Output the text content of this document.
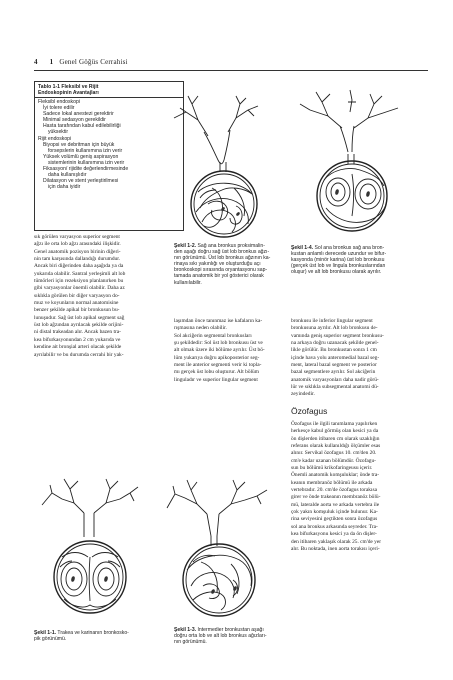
4 1 Genel Göğüs Cerrahisi
Tablo 1-1 Fleksibl ve Rijit
Endoskopinin Avantajları
Fleksibl endoskopi
İyi tolere edilir
Sadece lokal anestezi gerektirir
Minimal sedasyon gerekildir
Hasta tarafından kabul edilebilirliği
yüksektir
Rijit endoskopi
Biyopsi ve debritman için büyük
forsepslerin kullanımına izin verir
Yüksek volümlü geniş aspirasyon
sistemlerinin kullanımına izin verir
Fiksasyon/ rijidite değerlendirmesinde
daha kullanışlıdır
Dilatasyon ve stent yerleştirilmesi
için daha iyidir
sık görülen varyasyon superior segment
ağzı ile orta lob ağzı arasındaki ilişkidir.
Genel anatomik pozisyon birinin diğeri-
nin tam karşısında dallandığı durumdur.
Ancak biri diğerinden daha aşağıda ya da
yukarıda olabilir. Santral yerleşimli alt lob
tümörleri için rezeksiyon planlanırken bu
gibi varyasyonlar önemli olabilir. Daha az
sıklıkla görülen bir diğer varyasyon do-
muz ve koyunların normal anatomisine
benzer şekilde apikal bir bronkusun bu-
lunuşudur. Sağ üst lob apikal segment sağ
üst lob ağzından ayrılacak şekilde orijini-
ni distal trakeadan alır. Ancak bazen tra-
kea bifurkasyonundan 2 cm yukarıda ve
kendine ait bronşial arteri olacak şekilde
ayrılabilir ve bu durumda cerrahi bir yak-
laşımdan önce tanınmaz ise kafaların ka-
rışmasına neden olabilir.
Sol akciğerin segmental bronkusları
şu şekildedir: Sol üst lob bronkusu üst ve
alt olmak üzere iki bölüme ayrılır. Üst bö-
lüm yukarıya doğru apikoposterior seg-
ment ile anterior segmenti verir ki topla-
mı gerçek üst lobu oluşturur. Alt bölüm
linguladır ve superior lingular segment
bronkusu ile inferior lingular segment
bronkusuna ayrılır. Alt lob bronkusu de-
vamında geniş superior segment bronkusu-
na arkaya doğru uzanacak şekilde genel-
likle görülür. Bu bronkustan sonra 1 cm
içinde hava yolu anteromedial bazal seg-
ment, lateral bazal segment ve posterior
bazal segmentlere ayrılır. Sol akciğerin
anatomik varyasyonları daha nadir görü-
lür ve sıklıkla subsegmental anatomi dü-
zeyindedir.
Özofagus
Özofagus ile ilgili tanımlama yapılırken
herkesçe kabul görmüş olan kesici ya da
ön dişlerden itibaren cm olarak uzaklığın
referans olarak kullanıldığı ölçümler esas
alınır. Servikal özofagus 10. cm'den 20.
cm'e kadar uzanan bölümdür. Özofagu-
sun bu bölümü krikofaringeusu içerir.
Önemli anatomik komşuluklar; önde tra-
keanın membranöz bölümü ile arkada
vertebradır. 20. cm'de özofagus torakısa
girer ve önde trakeanın membranöz bölü-
mü, lateralde aorta ve arkada vertebra ile
çok yakın komşuluk içinde bulunur. Ka-
rina seviyesini geçtikten sonra özofagus
sol ana bronkus arkasında seyreder. Tra-
kea bifurkasyonu kesici ya da ön dişler-
den itibaren yaklaşık olarak 25. cm'de yer
alır. Bu noktada, inen aorta torakısı içeri-
Şekil 1-2. Sağ ana bronkus proksimalin-
den aşağı doğru sağ üst lob bronkus ağzı-
nın görünümü. Üst lob bronkus ağzının ka-
rinaya sıkı yakınlığı ve oluşturduğu açı
bronkoskopi sırasında oryantasyonu sap-
tamada anatomik bir yol gösterici olarak
kullanılabilir.
Şekil 1-4. Sol ana bronkus sağ ana bron-
kustan anlamlı derecede uzundur ve bifur-
kasyonda (minör karina) üst lob bronkusu
(gerçek üst lob ve lingula bronkuslarından
oluşur) ve alt lob bronkusu olarak ayrılır.
Şekil 1-1. Trakea ve karinanın bronkosko-
pik görünümü.
Şekil 1-3. Intermedier bronkustan aşağı
doğru orta lob ve alt lob bronkus ağızları-
nın görünümü.
